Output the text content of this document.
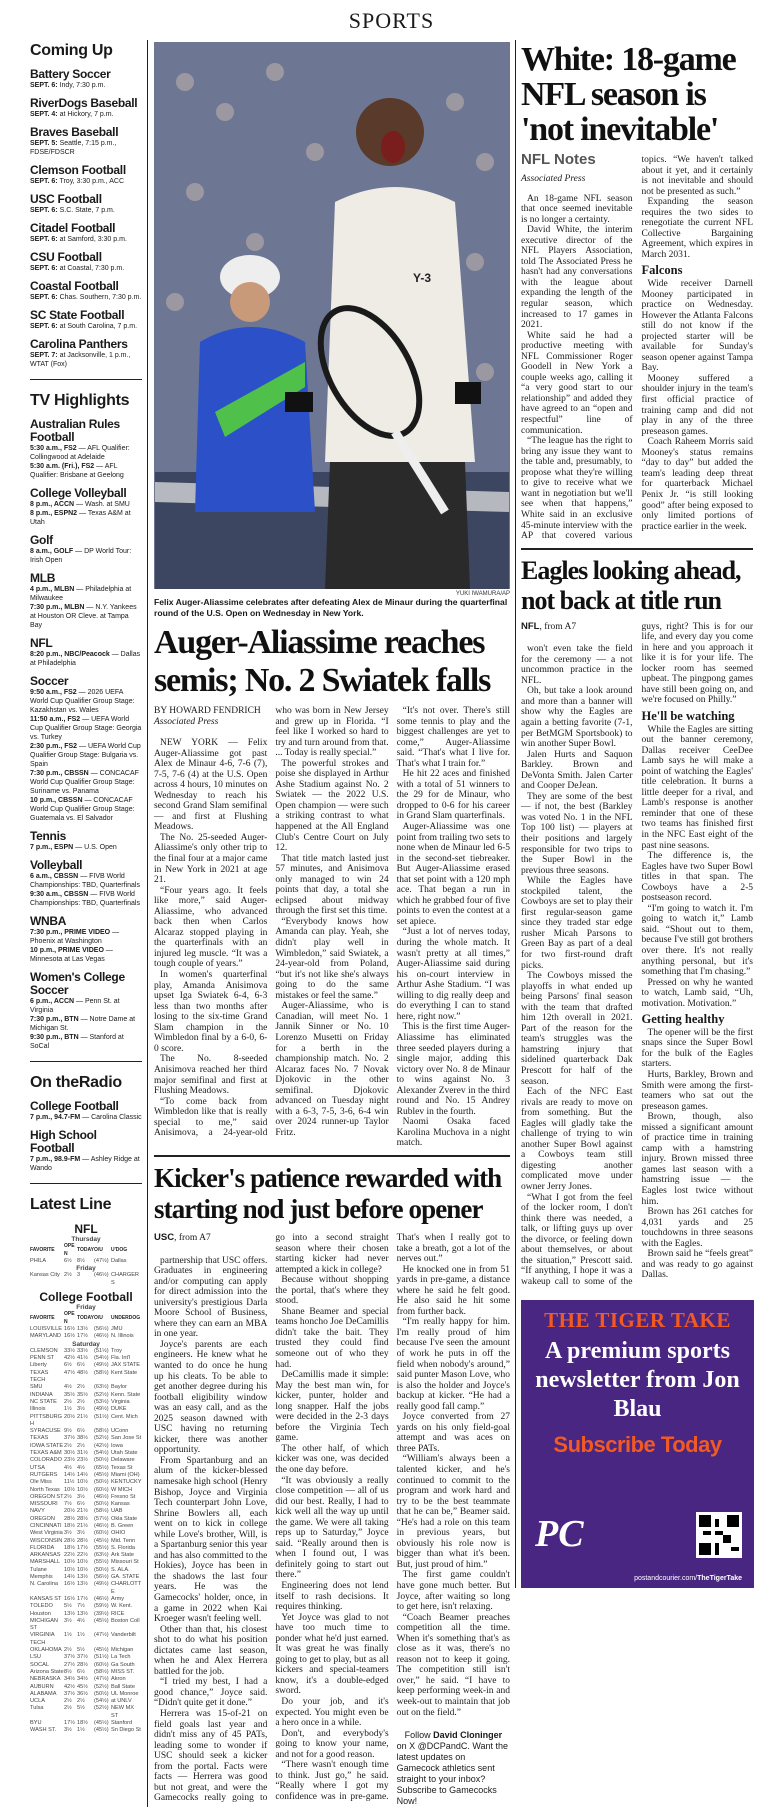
SPORTS
Coming Up
Battery Soccer
SEPT. 6: Indy, 7:30 p.m.
RiverDogs Baseball
SEPT. 4: at Hickory, 7 p.m.
Braves Baseball
SEPT. 5: Seattle, 7:15 p.m., FDSE/FDSCR
Clemson Football
SEPT. 6: Troy, 3:30 p.m., ACC
USC Football
SEPT. 6: S.C. State, 7 p.m.
Citadel Football
SEPT. 6: at Samford, 3:30 p.m.
CSU Football
SEPT. 6: at Coastal, 7:30 p.m.
Coastal Football
SEPT. 6: Chas. Southern, 7:30 p.m.
SC State Football
SEPT. 6: at South Carolina, 7 p.m.
Carolina Panthers
SEPT. 7: at Jacksonville, 1 p.m., WTAT (Fox)
TV Highlights
Australian Rules Football
5:30 a.m., FS2 — AFL Qualifier: Collingwood at Adelaide
5:30 a.m. (Fri.), FS2 — AFL Qualifier: Brisbane at Geelong
College Volleyball
8 p.m., ACCN — Wash. at SMU
8 p.m., ESPN2 — Texas A&M at Utah
Golf
8 a.m., GOLF — DP World Tour: Irish Open
MLB
4 p.m., MLBN — Philadelphia at Milwaukee
7:30 p.m., MLBN — N.Y. Yankees at Houston OR Cleve. at Tampa Bay
NFL
8:20 p.m., NBC/Peacock — Dallas at Philadelphia
Soccer
9:50 a.m., FS2 — 2026 UEFA World Cup Qualifier Group Stage: Kazakhstan vs. Wales
11:50 a.m., FS2 — UEFA World Cup Qualifier Group Stage: Georgia vs. Turkey
2:30 p.m., FS2 — UEFA World Cup Qualifier Group Stage: Bulgaria vs. Spain
7:30 p.m., CBSSN — CONCACAF World Cup Qualifier Group Stage: Suriname vs. Panama
10 p.m., CBSSN — CONCACAF World Cup Qualifier Group Stage: Guatemala vs. El Salvador
Tennis
7 p.m., ESPN — U.S. Open
Volleyball
6 a.m., CBSSN — FIVB World Championships: TBD, Quarterfinals
9:30 a.m., CBSSN — FIVB World Championships: TBD, Quarterfinals
WNBA
7:30 p.m., PRIME VIDEO — Phoenix at Washington
10 p.m., PRIME VIDEO — Minnesota at Las Vegas
Women's College Soccer
6 p.m., ACCN — Penn St. at Virginia
7:30 p.m., BTN — Notre Dame at Michigan St.
9:30 p.m., BTN — Stanford at SoCal
On theRadio
College Football
7 p.m., 94.7-FM — Carolina Classic
High School Football
7 p.m., 98.9-FM — Ashley Ridge at Wando
Latest Line
NFL
Thursday				
FAVORITE	OPEN	TODAY	O/U	U'DOG
PHILA	6½	8½	(47½)	Dallas
Friday				
Kansas City	2½	3	(46½)	CHARGERS
College Football
Friday				
FAVORITE	OPEN	TODAY	O/U	UNDERDOG
LOUISVILLE	16½	13½	(56½)	JMU
MARYLAND	16½	17½	(46½)	N. Illinois
Saturday				
CLEMSON	33½	33½	(51½)	Troy
PENN ST	42½	41½	(54½)	Fla. Int'l
Liberty	6½	6½	(49½)	JAX STATE
TEXAS TECH	47½	48½	(58½)	Kent State
SMU	4½	2½	(63½)	Baylor
INDIANA	35½	35½	(52½)	Kenn. State
NC STATE	2½	2½	(53½)	Virginia
Illinois	1½	3½	(49½)	DUKE
PITTSBURGH	20½	21½	(51½)	Cent. Mich
SYRACUSE	9½	6½	(58½)	UConn
TEXAS	37½	38½	(52½)	San Jose St
IOWA STATE	2½	2½	(42½)	Iowa
TEXAS A&M	30½	31½	(54½)	Utah State
COLORADO	23½	23½	(50½)	Delaware
UTSA	4½	4½	(65½)	Texas St
RUTGERS	14½	14½	(45½)	Miami (OH)
Ole Miss	11½	10½	(50½)	KENTUCKY
North Texas	10½	10½	(60½)	W MICH
OREGON ST	2½	3½	(46½)	Fresno St
MISSOURI	7½	6½	(50½)	Kansas
NAVY	20½	21½	(58½)	UAB
OREGON	28½	28½	(57½)	Okla State
CINCINNATI	18½	21½	(46½)	B. Green
West Virginia	3½	3½	(60½)	OHIO
WISCONSIN	28½	28½	(45½)	Mid. Tenn
FLORIDA	18½	17½	(55½)	S. Florida
ARKANSAS	22½	22½	(63½)	Ark State
MARSHALL	10½	10½	(55½)	Missouri St
Tulane	10½	10½	(50½)	S. ALA.
Memphis	14½	13½	(56½)	GA. STATE
N. Carolina	16½	13½	(49½)	CHARLOTTE
KANSAS ST	16½	17½	(46½)	Army
TOLEDO	5½	7½	(59½)	W. Kent.
Houston	13½	13½	(39½)	RICE
MICHIGAN ST	3½	4½	(45½)	Boston Coll
VIRGINIA TECH	1½	1½	(47½)	Vanderbilt
OKLAHOMA	2½	5½	(45½)	Michigan
LSU	37½	37½	(51½)	La Tech
SOCAL	27½	28½	(60½)	Ga South
Arizona State	8½	6½	(58½)	MISS ST.
NEBRASKA	34½	34½	(47½)	Akron
AUBURN	42½	45½	(52½)	Ball State
ALABAMA	37½	36½	(50½)	UL Monroe
UCLA	2½	2½	(54½)	at UNLV
Tulsa	2½	5½	(52½)	NEW MX ST
BYU	17½	18½	(45½)	Stanford
WASH ST.	3½	1½	(45½)	Sn Diego St
Y-3
YUKI IWAMURA/AP
Felix Auger-Aliassime celebrates after defeating Alex de Minaur during the quarterfinal round of the U.S. Open on Wednesday in New York.
Auger-Aliassime reaches semis; No. 2 Swiatek falls
BY HOWARD FENDRICH
Associated Press

NEW YORK — Felix Auger-Aliassime got past Alex de Minaur 4-6, 7-6 (7), 7-5, 7-6 (4) at the U.S. Open across 4 hours, 10 minutes on Wednesday to reach his second Grand Slam semifinal — and first at Flushing Meadows.

The No. 25-seeded Auger-Aliassime's only other trip to the final four at a major came in New York in 2021 at age 21.

“Four years ago. It feels like more,” said Auger-Aliassime, who advanced back then when Carlos Alcaraz stopped playing in the quarterfinals with an injured leg muscle. “It was a tough couple of years.”

In women's quarterfinal play, Amanda Anisimova upset Iga Swiatek 6-4, 6-3 less than two months after losing to the six-time Grand Slam champion in the Wimbledon final by a 6-0, 6-0 score.

The No. 8-seeded Anisimova reached her third major semifinal and first at Flushing Meadows.

“To come back from Wimbledon like that is really special to me,” said Anisimova, a 24-year-old who was born in New Jersey and grew up in Florida. “I feel like I worked so hard to try and turn around from that. ... Today is really special.”

The powerful strokes and poise she displayed in Arthur Ashe Stadium against No. 2 Swiatek — the 2022 U.S. Open champion — were such a striking contrast to what happened at the All England Club's Centre Court on July 12.

That title match lasted just 57 minutes, and Anisimova only managed to win 24 points that day, a total she eclipsed about midway through the first set this time.

“Everybody knows how Amanda can play. Yeah, she didn't play well in Wimbledon,” said Swiatek, a 24-year-old from Poland, “but it's not like she's always going to do the same mistakes or feel the same.”

Auger-Aliassime, who is Canadian, will meet No. 1 Jannik Sinner or No. 10 Lorenzo Musetti on Friday for a berth in the championship match. No. 2 Alcaraz faces No. 7 Novak Djokovic in the other semifinal. Djokovic advanced on Tuesday night with a 6-3, 7-5, 3-6, 6-4 win over 2024 runner-up Taylor Fritz.

“It's not over. There's still some tennis to play and the biggest challenges are yet to come,” Auger-Aliassime said. “That's what I live for. That's what I train for.”

He hit 22 aces and finished with a total of 51 winners to the 29 for de Minaur, who dropped to 0-6 for his career in Grand Slam quarterfinals.

Auger-Aliassime was one point from trailing two sets to none when de Minaur led 6-5 in the second-set tiebreaker. But Auger-Aliassime erased that set point with a 120 mph ace. That began a run in which he grabbed four of five points to even the contest at a set apiece.

“Just a lot of nerves today, during the whole match. It wasn't pretty at all times,” Auger-Aliassime said during his on-court interview in Arthur Ashe Stadium. “I was willing to dig really deep and do everything I can to stand here, right now.”

This is the first time Auger-Aliassime has eliminated three seeded players during a single major, adding this victory over No. 8 de Minaur to wins against No. 3 Alexander Zverev in the third round and No. 15 Andrey Rublev in the fourth.

Naomi Osaka faced Karolina Muchova in a night match.

Kicker's patience rewarded with starting nod just before opener
USC, from A7

partnership that USC offers. Graduates in engineering and/or computing can apply for direct admission into the university's prestigious Darla Moore School of Business, where they can earn an MBA in one year.

Joyce's parents are each engineers. He knew what he wanted to do once he hung up his cleats. To be able to get another degree during his football eligibility window was an easy call, and as the 2025 season dawned with USC having no returning kicker, there was another opportunity.

From Spartanburg and an alum of the kicker-blessed namesake high school (Henry Bishop, Joyce and Virginia Tech counterpart John Love, Shrine Bowlers all, each went on to kick in college while Love's brother, Will, is a Spartanburg senior this year and has also committed to the Hokies), Joyce has been in the shadows the last four years. He was the Gamecocks' holder, once, in a game in 2022 when Kai Kroeger wasn't feeling well.

Other than that, his closest shot to do what his position dictates came last season, when he and Alex Herrera battled for the job.

“I tried my best, I had a good chance,” Joyce said. “Didn't quite get it done.”

Herrera was 15-of-21 on field goals last year and didn't miss any of 45 PATs, leading some to wonder if USC should seek a kicker from the portal. Facts were facts — Herrera was good but not great, and were the Gamecocks really going to go into a second straight season where their chosen starting kicker had never attempted a kick in college?

Because without shopping the portal, that's where they stood.

Shane Beamer and special teams honcho Joe DeCamillis didn't take the bait. They trusted they could find someone out of who they had.

DeCamillis made it simple: May the best man win, for kicker, punter, holder and long snapper. Half the jobs were decided in the 2-3 days before the Virginia Tech game.

The other half, of which kicker was one, was decided the one day before.

“It was obviously a really close competition — all of us did our best. Really, I had to kick well all the way up until the game. We were all taking reps up to Saturday,” Joyce said. “Really around then is when I found out, I was definitely going to start out there.”

Engineering does not lend itself to rash decisions. It requires thinking.

Yet Joyce was glad to not have too much time to ponder what he'd just earned. It was great he was finally going to get to play, but as all kickers and special-teamers know, it's a double-edged sword.

Do your job, and it's expected. You might even be a hero once in a while.

Don't, and everybody's going to know your name, and not for a good reason.

“There wasn't enough time to think. Just go,” he said. “Really where I got my confidence was in pre-game. That's when I really got to take a breath, got a lot of the nerves out.”

He knocked one in from 51 yards in pre-game, a distance where he said he felt good. He also said he hit some from further back.

“I'm really happy for him. I'm really proud of him because I've seen the amount of work he puts in off the field when nobody's around,” said punter Mason Love, who is also the holder and Joyce's backup at kicker. “He had a really good fall camp.”

Joyce converted from 27 yards on his only field-goal attempt and was aces on three PATs.

“William's always been a talented kicker, and he's continued to commit to the program and work hard and try to be the best teammate that he can be,” Beamer said. “He's had a role on this team in previous years, but obviously his role now is bigger than what it's been. But, just proud of him.”

The first game couldn't have gone much better. But Joyce, after waiting so long to get here, isn't relaxing.

“Coach Beamer preaches competition all the time. When it's something that's as close as it was, there's no reason not to keep it going. The competition still isn't over,” he said. “I have to keep performing week-in and week-out to maintain that job out on the field.”

Follow David Cloninger on X @DCPandC. Want the latest updates on Gamecock athletics sent straight to your inbox? Subscribe to Gamecocks Now!
White: 18-game NFL season is 'not inevitable'
NFL Notes
Associated Press

An 18-game NFL season that once seemed inevitable is no longer a certainty.

David White, the interim executive director of the NFL Players Association, told The Associated Press he hasn't had any conversations with the league about expanding the length of the regular season, which increased to 17 games in 2021.

White said he had a productive meeting with NFL Commissioner Roger Goodell in New York a couple weeks ago, calling it “a very good start to our relationship” and added they have agreed to an “open and respectful” line of communication.

“The league has the right to bring any issue they want to the table and, presumably, to propose what they're willing to give to receive what we want in negotiation but we'll see when that happens,” White said in an exclusive 45-minute interview with the AP that covered various topics. “We haven't talked about it yet, and it certainly is not inevitable and should not be presented as such.”

Expanding the season requires the two sides to renegotiate the current NFL Collective Bargaining Agreement, which expires in March 2031.

Falcons

Wide receiver Darnell Mooney participated in practice on Wednesday. However the Atlanta Falcons still do not know if the projected starter will be available for Sunday's season opener against Tampa Bay.

Mooney suffered a shoulder injury in the team's first official practice of training camp and did not play in any of the three preseason games.

Coach Raheem Morris said Mooney's status remains “day to day” but added the team's leading deep threat for quarterback Michael Penix Jr. “is still looking good” after being exposed to only limited portions of practice earlier in the week.

Eagles looking ahead, not back at title run
NFL, from A7

won't even take the field for the ceremony — a not uncommon practice in the NFL.

Oh, but take a look around and more than a banner will show why the Eagles are again a betting favorite (7-1, per BetMGM Sportsbook) to win another Super Bowl.

Jalen Hurts and Saquon Barkley. Brown and DeVonta Smith. Jalen Carter and Cooper DeJean.

They are some of the best — if not, the best (Barkley was voted No. 1 in the NFL Top 100 list) — players at their positions and largely responsible for two trips to the Super Bowl in the previous three seasons.

While the Eagles have stockpiled talent, the Cowboys are set to play their first regular-season game since they traded star edge rusher Micah Parsons to Green Bay as part of a deal for two first-round draft picks.

The Cowboys missed the playoffs in what ended up being Parsons' final season with the team that drafted him 12th overall in 2021. Part of the reason for the team's struggles was the hamstring injury that sidelined quarterback Dak Prescott for half of the season.

Each of the NFC East rivals are ready to move on from something. But the Eagles will gladly take the challenge of trying to win another Super Bowl against a Cowboys team still digesting another complicated move under owner Jerry Jones.

“What I got from the feel of the locker room, I don't think there was needed, a talk, or lifting guys up over the divorce, or feeling down about themselves, or about the situation,” Prescott said. “If anything, I hope it was a wakeup call to some of the guys, right? This is for our life, and every day you come in here and you approach it like it is for your life. The locker room has seemed upbeat. The pingpong games have still been going on, and we're focused on Philly.”

He'll be watching

While the Eagles are sitting out the banner ceremony, Dallas receiver CeeDee Lamb says he will make a point of watching the Eagles' title celebration. It burns a little deeper for a rival, and Lamb's response is another reminder that one of these two teams has finished first in the NFC East eight of the past nine seasons.

The difference is, the Eagles have two Super Bowl titles in that span. The Cowboys have a 2-5 postseason record.

“I'm going to watch it. I'm going to watch it,” Lamb said. “Shout out to them, because I've still got brothers over there. It's not really anything personal, but it's something that I'm chasing.”

Pressed on why he wanted to watch, Lamb said, “Uh, motivation. Motivation.”

Getting healthy

The opener will be the first snaps since the Super Bowl for the bulk of the Eagles starters.

Hurts, Barkley, Brown and Smith were among the first-teamers who sat out the preseason games.

Brown, though, also missed a significant amount of practice time in training camp with a hamstring injury. Brown missed three games last season with a hamstring issue — the Eagles lost twice without him.

Brown has 261 catches for 4,031 yards and 25 touchdowns in three seasons with the Eagles.

Brown said he “feels great” and was ready to go against Dallas.

THE TIGER TAKE
A premium sports newsletter from Jon Blau
Subscribe Today
PC
postandcourier.com/TheTigerTake
